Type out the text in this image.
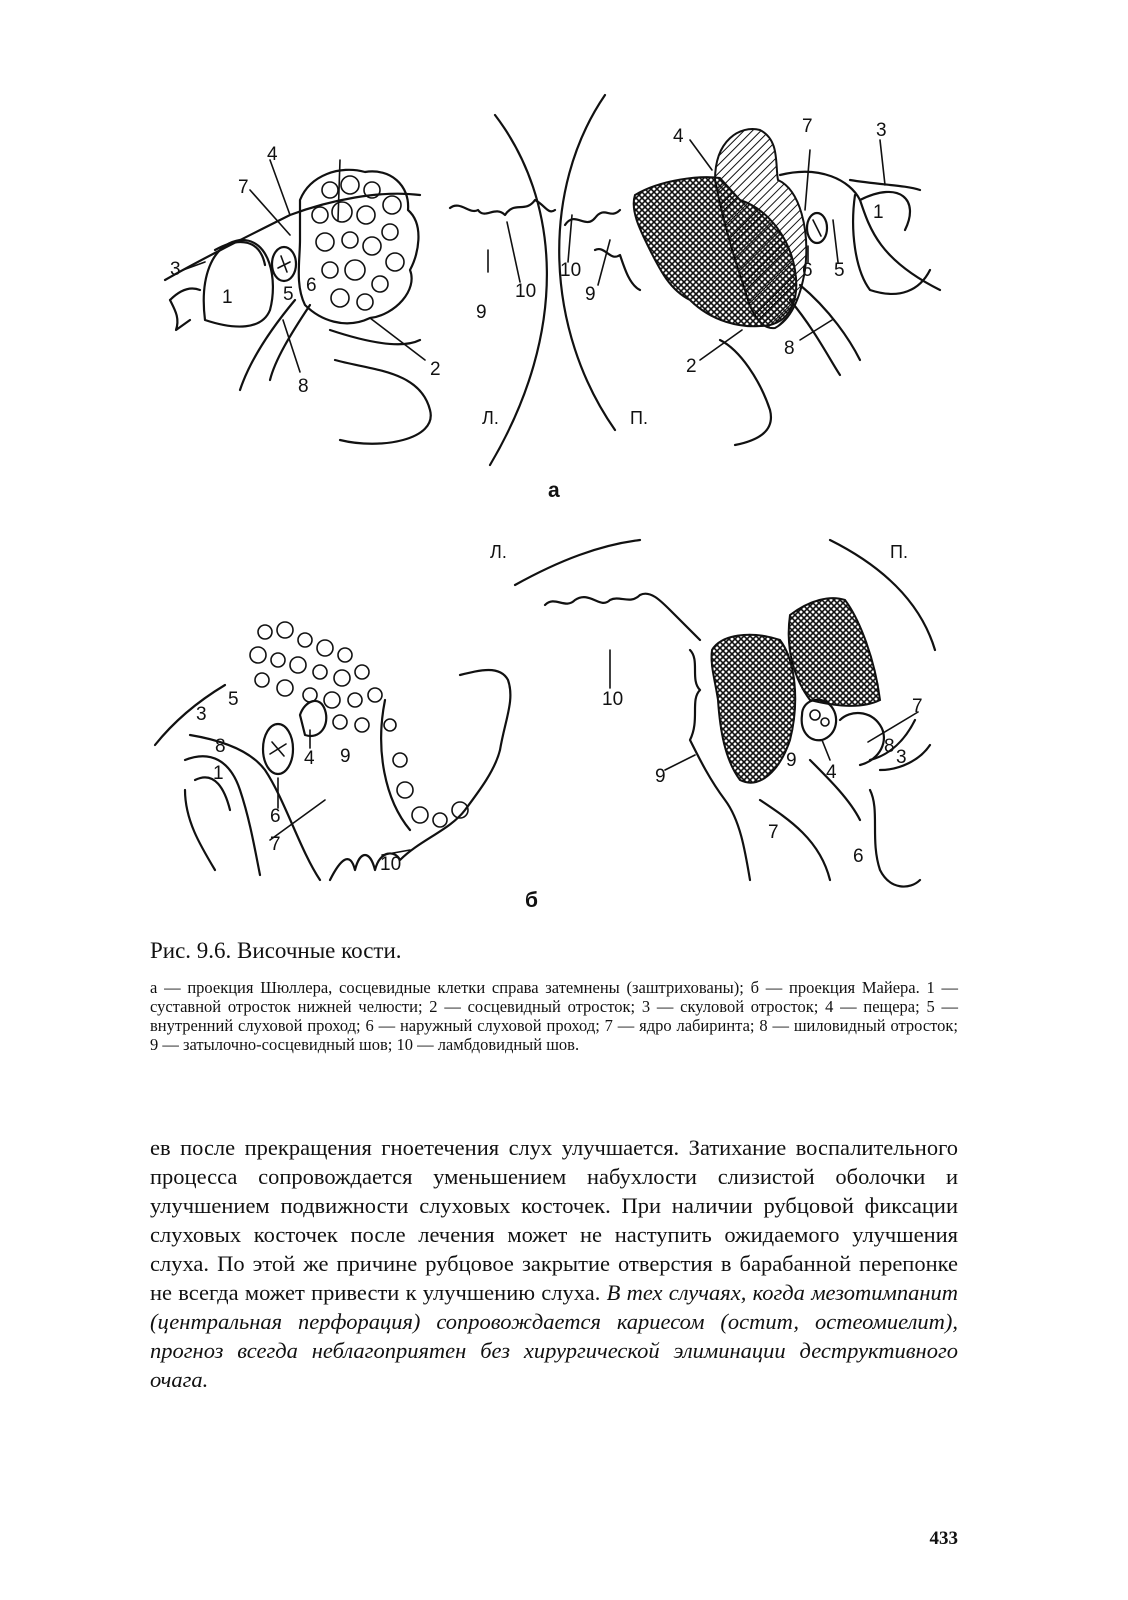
1
2
3
4
5 6
7
8
9
10
1
2
3
4
5
6
7
8
9
10
Л.	П.
а
1
3
4
5
6
7
8	9
10
3
4
6
7
8
9
10	7
9
Л.	П.
б
Рис. 9.6. Височные кости.
а — проекция Шюллера, сосцевидные клетки справа затемнены (заштрихованы); б — проекция Майера. 1 — суставной отросток нижней челюсти; 2 — сосцевидный отросток; 3 — скуловой отросток; 4 — пещера; 5 — внутренний слуховой проход; 6 — наружный слуховой проход; 7 — ядро лабиринта; 8 — шиловидный отросток; 9 — затылочно-сосцевидный шов; 10 — ламбдовидный шов.

ев после прекращения гноетечения слух улучшается. Затихание воспалительного процесса сопровождается уменьшением набухлости слизистой оболочки и улучшением подвижности слуховых косточек. При наличии рубцовой фиксации слуховых косточек после лечения может не наступить ожидаемого улучшения слуха. По этой же причине рубцовое закрытие отверстия в барабанной перепонке не всегда может привести к улучшению слуха. В тех случаях, когда мезотимпанит (центральная перфорация) сопровождается кариесом (остит, остеомиелит), прогноз всегда неблагоприятен без хирургической элиминации деструктивного очага.

433
